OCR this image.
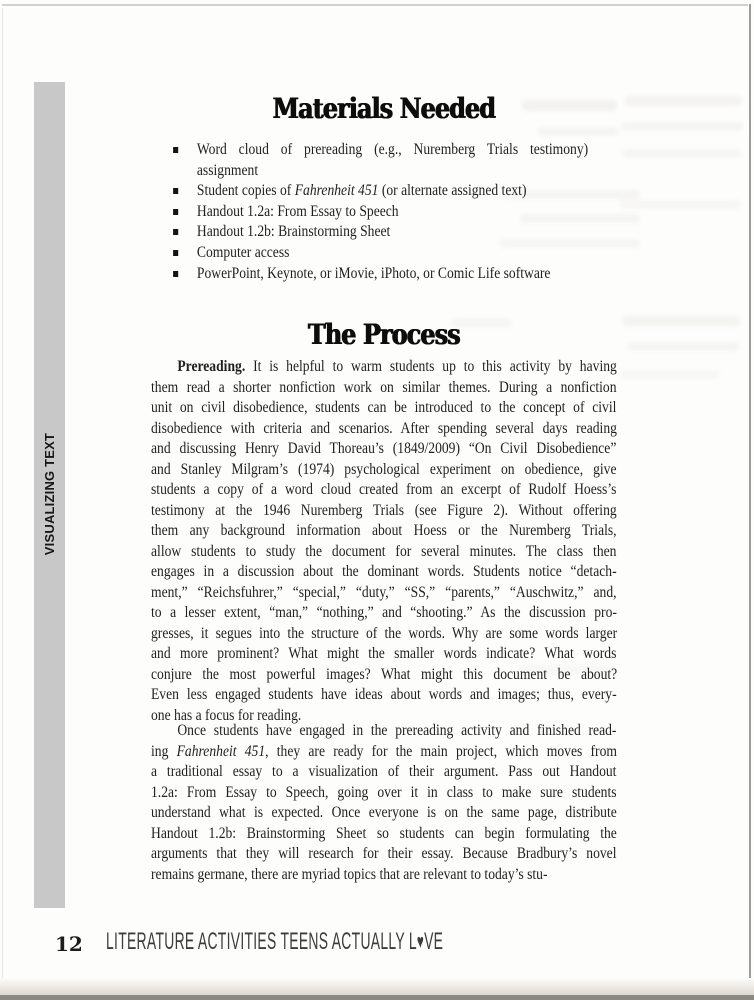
VISUALIZING TEXT
Materials Needed
Word cloud of prereading (e.g., Nuremberg Trials testimony)
assignment
Student copies of Fahrenheit 451 (or alternate assigned text)
Handout 1.2a: From Essay to Speech
Handout 1.2b: Brainstorming Sheet
Computer access
PowerPoint, Keynote, or iMovie, iPhoto, or Comic Life software
The Process
Prereading. It is helpful to warm students up to this activity by having
them read a shorter nonfiction work on similar themes. During a nonfiction
unit on civil disobedience, students can be introduced to the concept of civil
disobedience with criteria and scenarios. After spending several days reading
and discussing Henry David Thoreau’s (1849/2009) “On Civil Disobedience”
and Stanley Milgram’s (1974) psychological experiment on obedience, give
students a copy of a word cloud created from an excerpt of Rudolf Hoess’s
testimony at the 1946 Nuremberg Trials (see Figure 2). Without offering
them any background information about Hoess or the Nuremberg Trials,
allow students to study the document for several minutes. The class then
engages in a discussion about the dominant words. Students notice “detach-
ment,” “Reichsfuhrer,” “special,” “duty,” “SS,” “parents,” “Auschwitz,” and,
to a lesser extent, “man,” “nothing,” and “shooting.” As the discussion pro-
gresses, it segues into the structure of the words. Why are some words larger
and more prominent? What might the smaller words indicate? What words
conjure the most powerful images? What might this document be about?
Even less engaged students have ideas about words and images; thus, every-
one has a focus for reading.
Once students have engaged in the prereading activity and finished read-
ing Fahrenheit 451, they are ready for the main project, which moves from
a traditional essay to a visualization of their argument. Pass out Handout
1.2a: From Essay to Speech, going over it in class to make sure students
understand what is expected. Once everyone is on the same page, distribute
Handout 1.2b: Brainstorming Sheet so students can begin formulating the
arguments that they will research for their essay. Because Bradbury’s novel
remains germane, there are myriad topics that are relevant to today’s stu-
12 LITERATURE ACTIVITIES TEENS ACTUALLY L♥VE
